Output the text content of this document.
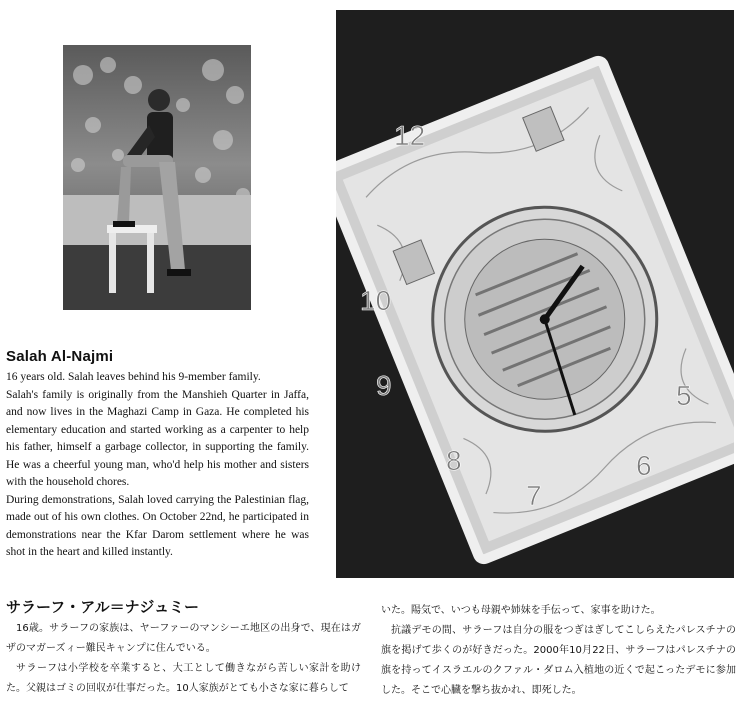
12
10
9
8
7
6
5
Salah Al-Najmi

16 years old. Salah leaves behind his 9-member family.

Salah's family is originally from the Manshieh Quarter in Jaffa, and now lives in the Maghazi Camp in Gaza. He completed his elementary education and started working as a carpenter to help his father, himself a garbage collector, in supporting the family. He was a cheerful young man, who'd help his mother and sisters with the household chores.

During demonstrations, Salah loved carrying the Palestinian flag, made out of his own clothes. On October 22nd, he participated in demonstrations near the Kfar Darom settlement where he was shot in the heart and killed instantly.

サラーフ・アル＝ナジュミー

16歳。サラーフの家族は、ヤーファーのマンシーエ地区の出身で、現在はガザのマガーズィー難民キャンプに住んでいる。

サラーフは小学校を卒業すると、大工として働きながら苦しい家計を助けた。父親はゴミの回収が仕事だった。10人家族がとても小さな家に暮らして

いた。陽気で、いつも母親や姉妹を手伝って、家事を助けた。

抗議デモの間、サラーフは自分の服をつぎはぎしてこしらえたパレスチナの旗を掲げて歩くのが好きだった。2000年10月22日、サラーフはパレスチナの旗を持ってイスラエルのクファル・ダロム入植地の近くで起こったデモに参加した。そこで心臓を撃ち抜かれ、即死した。
